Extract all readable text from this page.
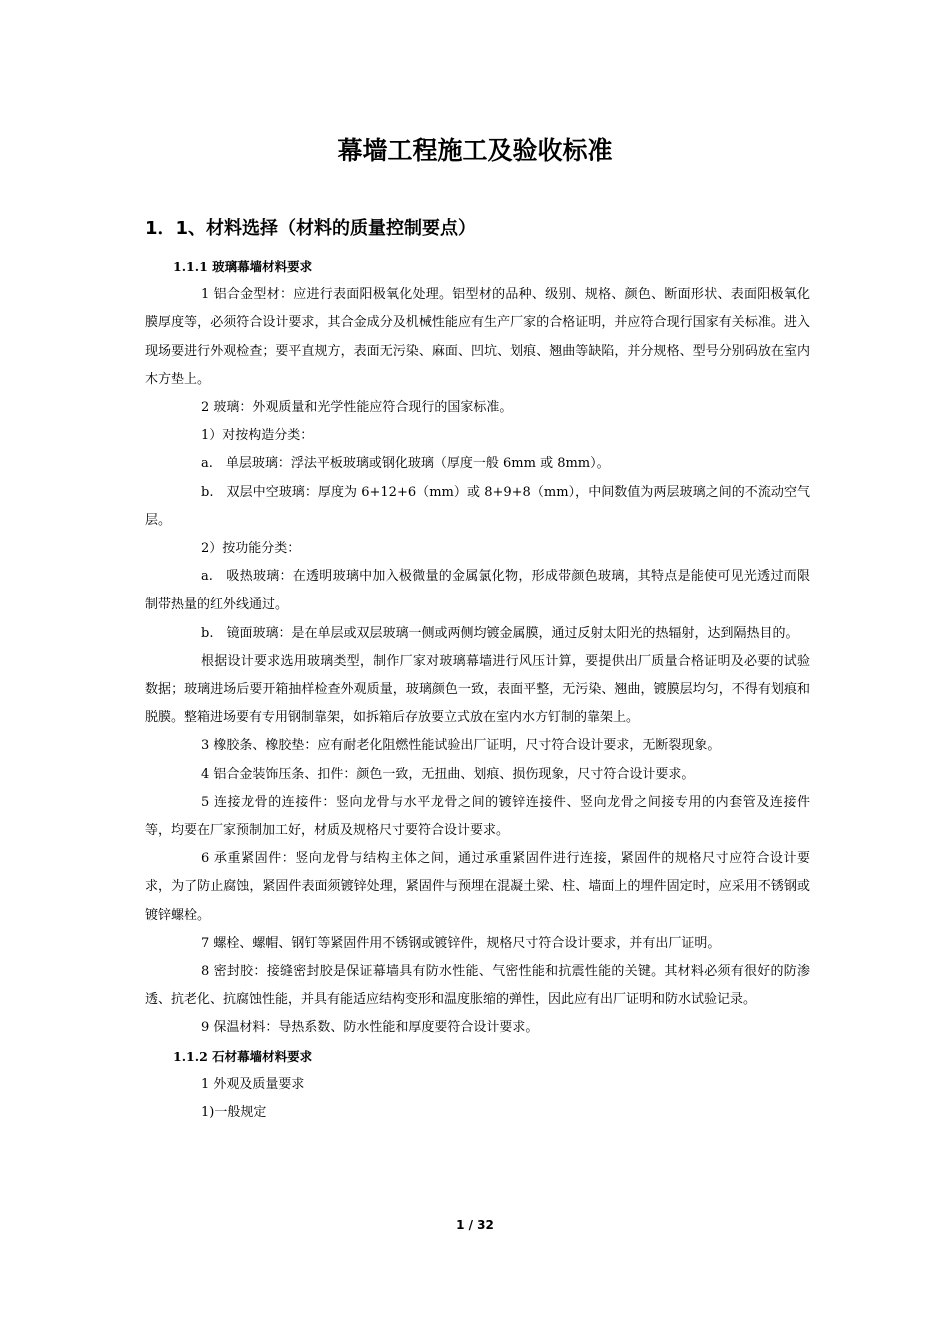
幕墙工程施工及验收标准
1．1、材料选择（材料的质量控制要点）

1.1.1 玻璃幕墙材料要求

1 铝合金型材：应进行表面阳极氧化处理。铝型材的品种、级别、规格、颜色、断面形状、表面阳极氧化膜厚度等，必须符合设计要求，其合金成分及机械性能应有生产厂家的合格证明，并应符合现行国家有关标准。进入现场要进行外观检查；要平直规方，表面无污染、麻面、凹坑、划痕、翘曲等缺陷，并分规格、型号分别码放在室内木方垫上。

2 玻璃：外观质量和光学性能应符合现行的国家标准。

1）对按构造分类：

a.　单层玻璃：浮法平板玻璃或钢化玻璃（厚度一般 6mm 或 8mm）。

b.　双层中空玻璃：厚度为 6+12+6（mm）或 8+9+8（mm），中间数值为两层玻璃之间的不流动空气层。

2）按功能分类：

a.　吸热玻璃：在透明玻璃中加入极微量的金属氯化物，形成带颜色玻璃，其特点是能使可见光透过而限制带热量的红外线通过。

b.　镜面玻璃：是在单层或双层玻璃一侧或两侧均镀金属膜，通过反射太阳光的热辐射，达到隔热目的。

根据设计要求选用玻璃类型，制作厂家对玻璃幕墙进行风压计算，要提供出厂质量合格证明及必要的试验数据；玻璃进场后要开箱抽样检查外观质量，玻璃颜色一致，表面平整，无污染、翘曲，镀膜层均匀，不得有划痕和脱膜。整箱进场要有专用钢制靠架，如拆箱后存放要立式放在室内水方钉制的靠架上。

3 橡胶条、橡胶垫：应有耐老化阻燃性能试验出厂证明，尺寸符合设计要求，无断裂现象。

4 铝合金装饰压条、扣件：颜色一致，无扭曲、划痕、损伤现象，尺寸符合设计要求。

5 连接龙骨的连接件：竖向龙骨与水平龙骨之间的镀锌连接件、竖向龙骨之间接专用的内套管及连接件等，均要在厂家预制加工好，材质及规格尺寸要符合设计要求。

6 承重紧固件：竖向龙骨与结构主体之间，通过承重紧固件进行连接，紧固件的规格尺寸应符合设计要求，为了防止腐蚀，紧固件表面须镀锌处理，紧固件与预埋在混凝土梁、柱、墙面上的埋件固定时，应采用不锈钢或镀锌螺栓。

7 螺栓、螺帽、钢钉等紧固件用不锈钢或镀锌件，规格尺寸符合设计要求，并有出厂证明。

8 密封胶：接缝密封胶是保证幕墙具有防水性能、气密性能和抗震性能的关键。其材料必须有很好的防渗透、抗老化、抗腐蚀性能，并具有能适应结构变形和温度胀缩的弹性，因此应有出厂证明和防水试验记录。

9 保温材料：导热系数、防水性能和厚度要符合设计要求。

1.1.2 石材幕墙材料要求

1 外观及质量要求

1)一般规定

1 / 32
